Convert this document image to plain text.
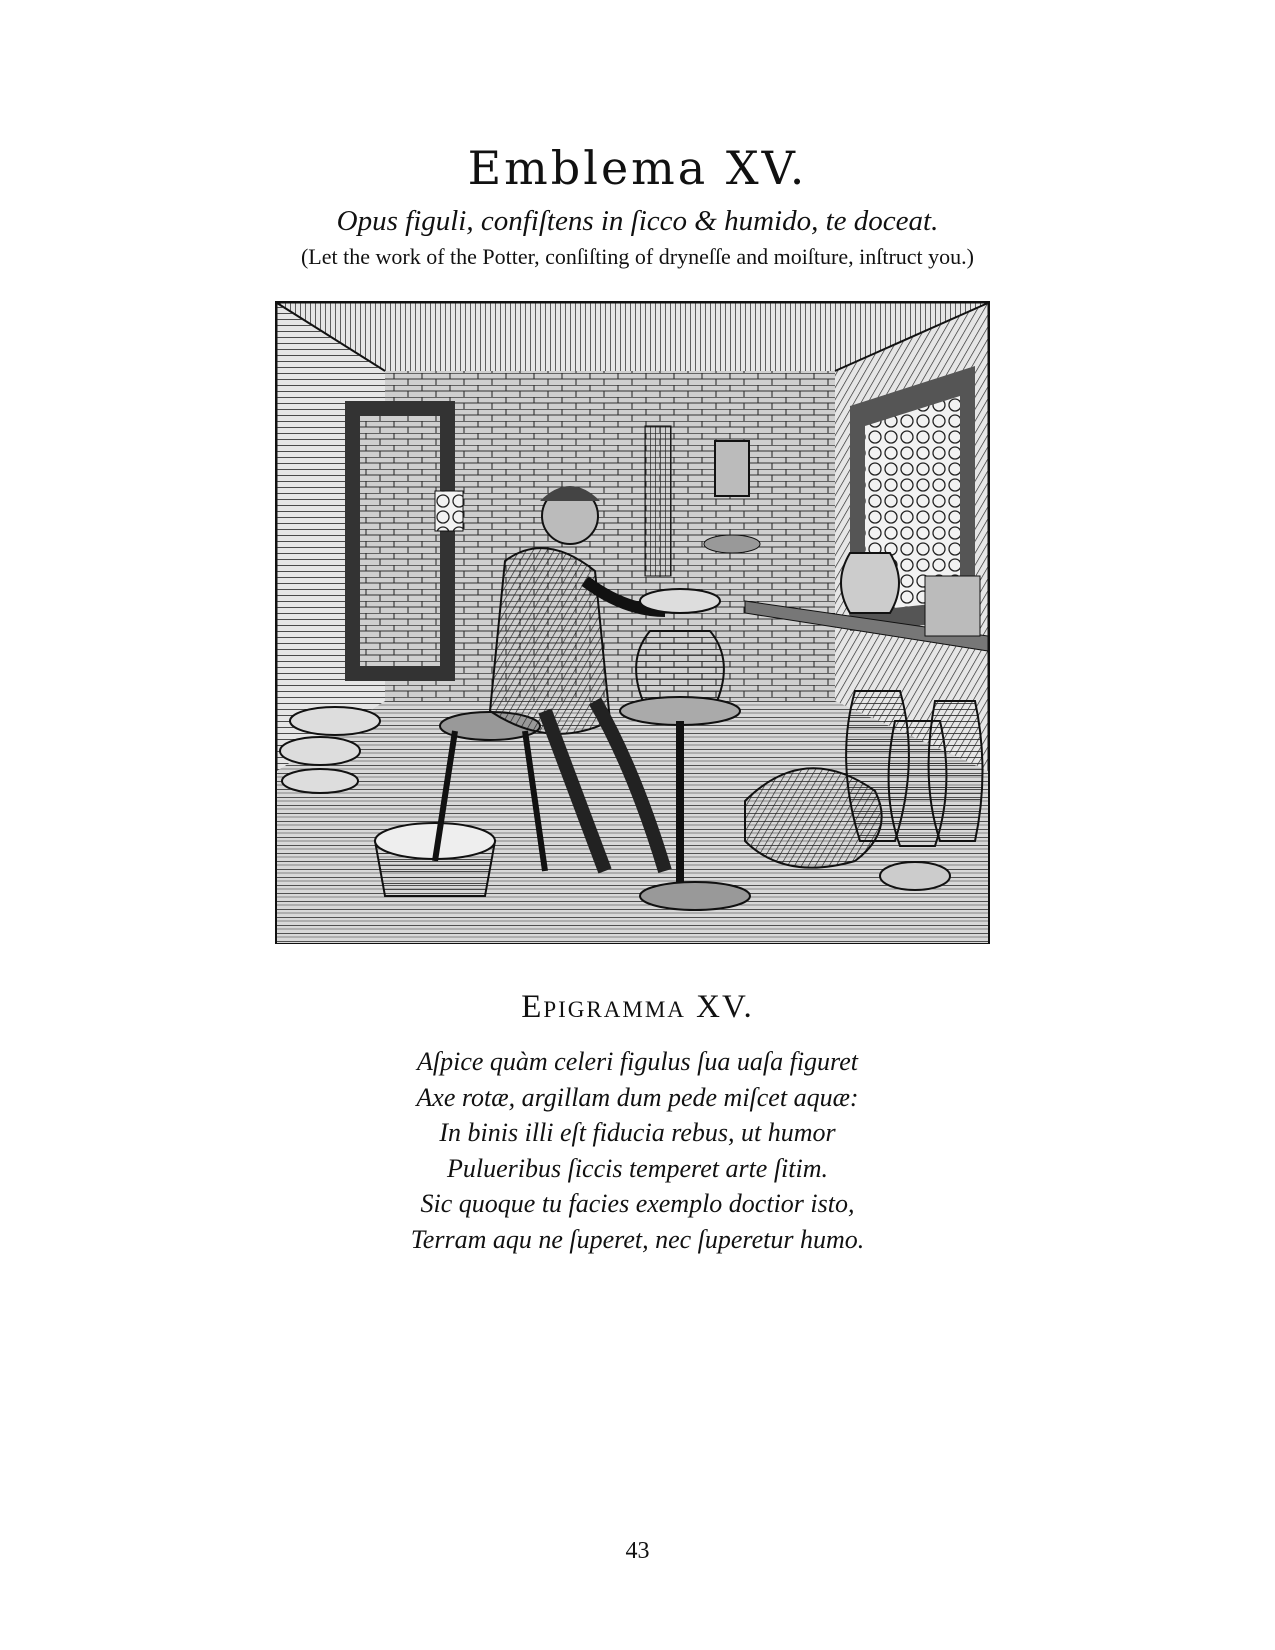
Emblema XV.
Opus figuli, confiſtens in ſicco & humido, te doceat.
(Let the work of the Potter, conſiſting of dryneſſe and moiſture, inſtruct you.)
Epigramma XV.
Aſpice quàm celeri figulus ſua uaſa figuret
Axe rotæ, argillam dum pede miſcet aquæ:
In binis illi eſt fiducia rebus, ut humor
Pulueribus ſiccis temperet arte ſitim.
Sic quoque tu facies exemplo doctior isto,
Terram aqu ne ſuperet, nec ſuperetur humo.
43
